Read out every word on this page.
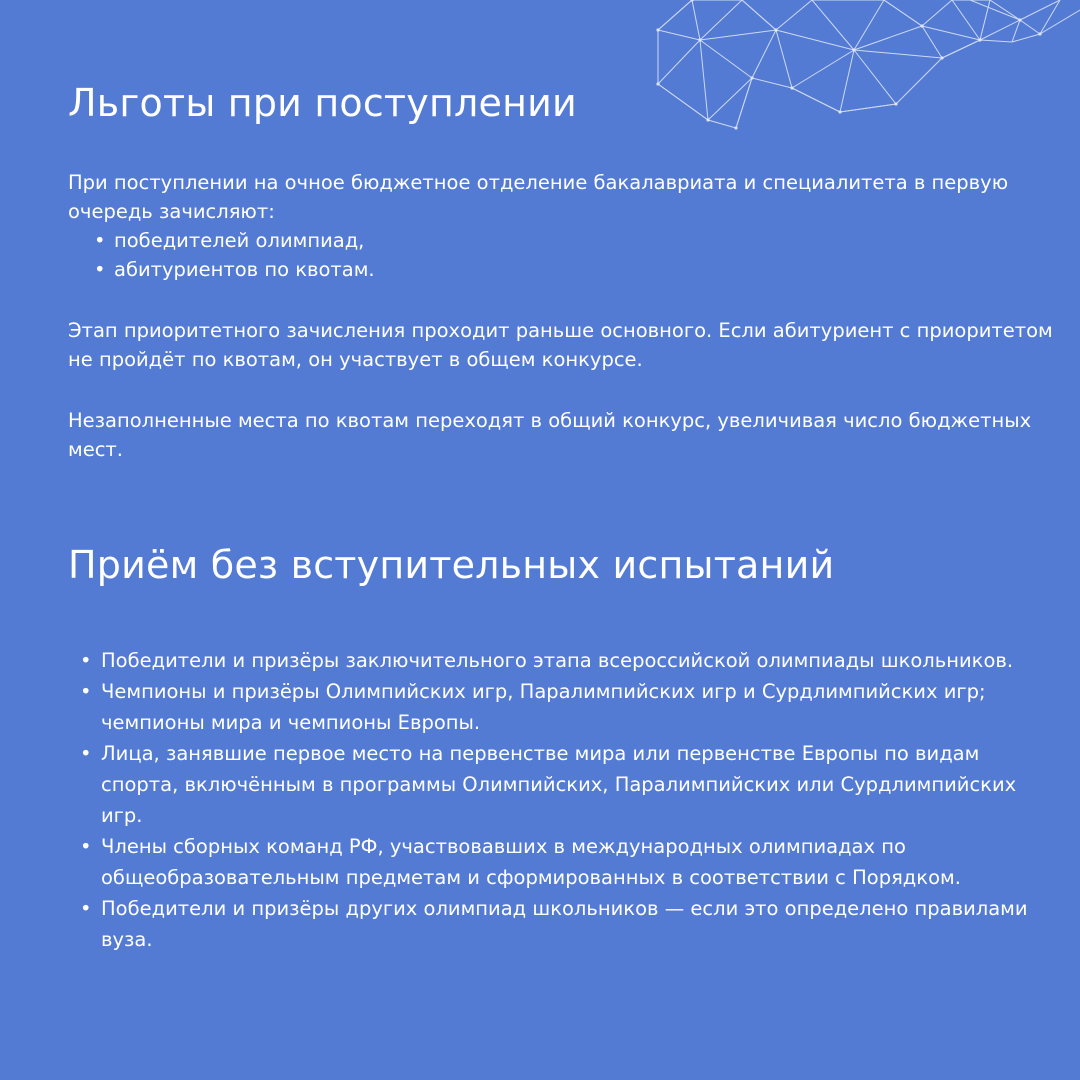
Льготы при поступлении

При поступлении на очное бюджетное отделение бакалавриата и специалитета в первую очередь зачисляют:

• победителей олимпиад,
• абитуриентов по квотам.

Этап приоритетного зачисления проходит раньше основного. Если абитуриент с приоритетом не пройдёт по квотам, он участвует в общем конкурсе.

Незаполненные места по квотам переходят в общий конкурс, увеличивая число бюджетных мест.

Приём без вступительных испытаний
• Победители и призёры заключительного этапа всероссийской олимпиады школьников.
• Чемпионы и призёры Олимпийских игр, Паралимпийских игр и Сурдлимпийских игр; чемпионы мира и чемпионы Европы.
• Лица, занявшие первое место на первенстве мира или первенстве Европы по видам спорта, включённым в программы Олимпийских, Паралимпийских или Сурдлимпийских игр.
• Члены сборных команд РФ, участвовавших в международных олимпиадах по общеобразовательным предметам и сформированных в соответствии с Порядком.
• Победители и призёры других олимпиад школьников — если это определено правилами вуза.
